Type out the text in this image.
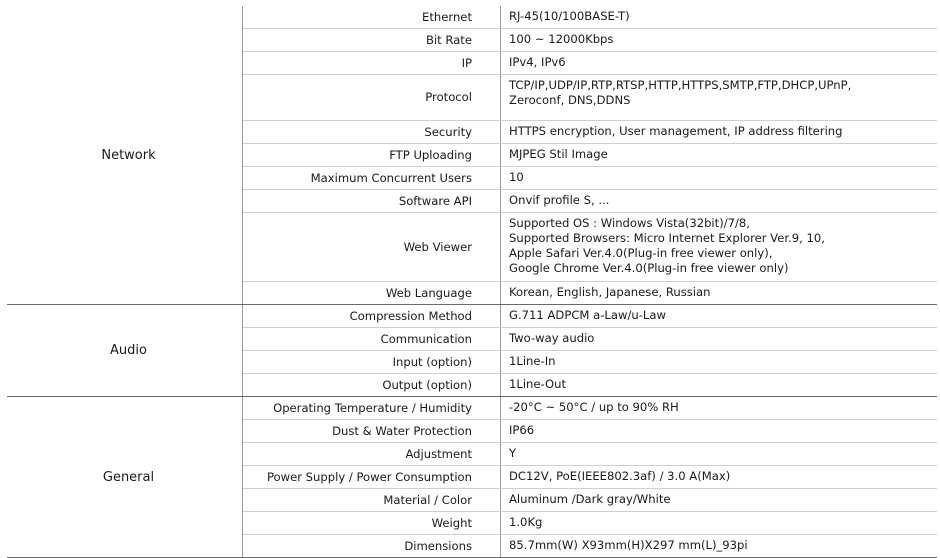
Network	Ethernet	RJ-45(10/100BASE-T)
	Bit Rate	100 ~ 12000Kbps
	IP	IPv4, IPv6
	Protocol	TCP/IP,UDP/IP,RTP,RTSP,HTTP,HTTPS,SMTP,FTP,DHCP,UPnP,
Zeroconf, DNS,DDNS
	Security	HTTPS encryption, User management, IP address filtering
	FTP Uploading	MJPEG Stil Image
	Maximum Concurrent Users	10
	Software API	Onvif profile S, ...
	Web Viewer	Supported OS : Windows Vista(32bit)/7/8,
Supported Browsers: Micro Internet Explorer Ver.9, 10,
Apple Safari Ver.4.0(Plug-in free viewer only),
Google Chrome Ver.4.0(Plug-in free viewer only)
	Web Language	Korean, English, Japanese, Russian
Audio	Compression Method	G.711 ADPCM a-Law/u-Law
	Communication	Two-way audio
	Input (option)	1Line-In
	Output (option)	1Line-Out
General	Operating Temperature / Humidity	-20°C ~ 50°C / up to 90% RH
	Dust & Water Protection	IP66
	Adjustment	Y
	Power Supply / Power Consumption	DC12V, PoE(IEEE802.3af) / 3.0 A(Max)
	Material / Color	Aluminum /Dark gray/White
	Weight	1.0Kg
	Dimensions	85.7mm(W) X93mm(H)X297 mm(L)_93pi
